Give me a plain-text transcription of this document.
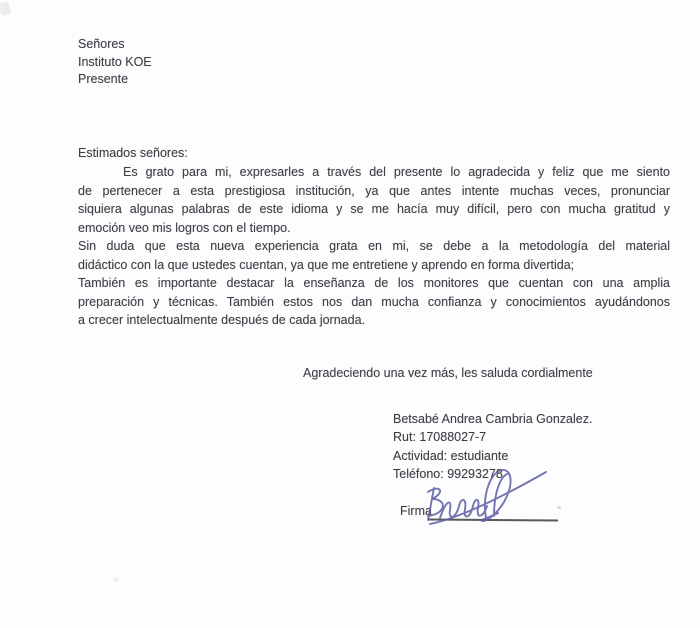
Señores
Instituto KOE
Presente
Estimados señores:
Es grato para mi, expresarles a través del presente lo agradecida y feliz que me siento
de pertenecer a esta prestigiosa institución, ya que antes intente muchas veces, pronunciar
siquiera algunas palabras de este idioma y se me hacía muy difícil, pero con mucha gratitud y
emoción veo mis logros con el tiempo.
Sin duda que esta nueva experiencia grata en mi, se debe a la metodología del material
didáctico con la que ustedes cuentan, ya que me entretiene y aprendo en forma divertida;
También es importante destacar la enseñanza de los monitores que cuentan con una amplia
preparación y técnicas. También estos nos dan mucha confianza y conocimientos ayudándonos
a crecer intelectualmente después de cada jornada.
Agradeciendo una vez más, les saluda cordialmente
Betsabé Andrea Cambria Gonzalez.
Rut: 17088027-7
Actividad: estudiante
Teléfono: 99293278
Firma
